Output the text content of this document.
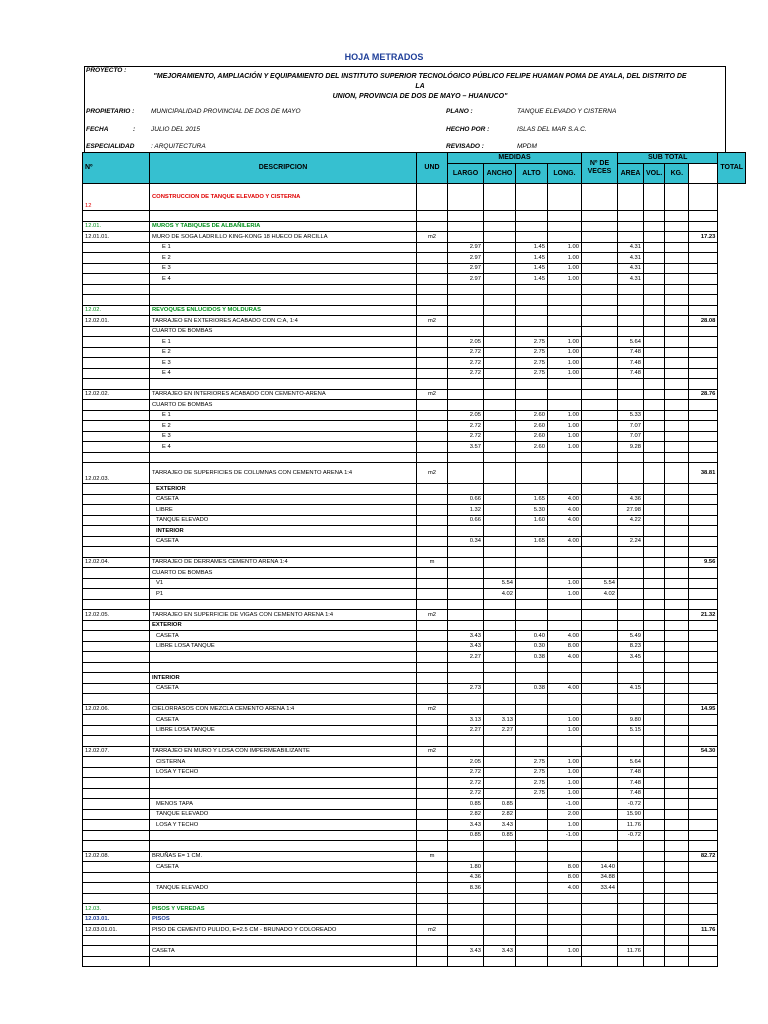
HOJA METRADOS
PROYECTO :
"MEJORAMIENTO, AMPLIACIÓN Y EQUIPAMIENTO DEL INSTITUTO SUPERIOR TECNOLÓGICO PÚBLICO FELIPE HUAMAN POMA DE AYALA, DEL DISTRITO DE LA
UNION, PROVINCIA DE DOS DE MAYO – HUANUCO"
PROPIETARIO :	MUNICIPALIDAD PROVINCIAL DE DOS DE MAYO	PLANO :	TANQUE ELEVADO Y CISTERNA
FECHA	: JULIO DEL 2015	HECHO POR :	ISLAS DEL MAR S.A.C.
ESPECIALIDAD	: ARQUITECTURA	REVISADO :	MPDM
Nº	DESCRIPCION	UND	MEDIDAS				Nº DE VECES	SUB TOTAL				TOTAL
			LARGO	ANCHO	ALTO	LONG.		AREA	VOL.	KG.		
12	CONSTRUCCION DE TANQUE ELEVADO Y CISTERNA											

12.01.	MUROS Y TABIQUES DE ALBAÑILERIA											
12.01.01.	MURO DE SOGA LADRILLO KING-KONG 18 HUECO DE ARCILLA	m2									17.23	
	E 1		2.97		1.45	1.00		4.31				
	E 2		2.97		1.45	1.00		4.31				
	E 3		2.97		1.45	1.00		4.31				
	E 4		2.97		1.45	1.00		4.31				

12.02.	REVOQUES ENLUCIDOS Y MOLDURAS											
12.02.01.	TARRAJEO EN EXTERIORES ACABADO CON C:A, 1:4	m2									28.08	
	CUARTO DE BOMBAS											
	E 1		2.05		2.75	1.00		5.64				
	E 2		2.72		2.75	1.00		7.48				
	E 3		2.72		2.75	1.00		7.48				
	E 4		2.72		2.75	1.00		7.48				

12.02.02.	TARRAJEO EN INTERIORES ACABADO CON CEMENTO-ARENA	m2									28.76	
	CUARTO DE BOMBAS											
	E 1		2.05		2.60	1.00		5.33				
	E 2		2.72		2.60	1.00		7.07				
	E 3		2.72		2.60	1.00		7.07				
	E 4		3.57		2.60	1.00		9.28				

12.02.03.	TARRAJEO DE SUPERFICIES DE COLUMNAS CON CEMENTO ARENA 1:4	m2									38.81	
	EXTERIOR											
	CASETA		0.66		1.65	4.00		4.36				
	LIBRE		1.32		5.30	4.00		27.98				
	TANQUE ELEVADO		0.66		1.60	4.00		4.22				
	INTERIOR											
	CASETA		0.34		1.65	4.00		2.24				

12.02.04.	TARRAJEO DE DERRAMES CEMENTO ARENA 1:4	m									9.56	
	CUARTO DE BOMBAS											
	V1			5.54		1.00	5.54					
	P1			4.02		1.00	4.02					

12.02.05.	TARRAJEO EN SUPERFICIE DE VIGAS CON CEMENTO ARENA 1:4	m2									21.32	
	EXTERIOR											
	CASETA		3.43		0.40	4.00		5.49				
	LIBRE LOSA TANQUE		3.43		0.30	8.00		8.23				
			2.27		0.38	4.00		3.45				

	INTERIOR											
	CASETA		2.73		0.38	4.00		4.15				

12.02.06.	CIELORRASOS CON MEZCLA CEMENTO ARENA 1:4	m2									14.95	
	CASETA		3.13	3.13		1.00		9.80				
	LIBRE LOSA TANQUE		2.27	2.27		1.00		5.15				

12.02.07.	TARRAJEO EN MURO Y LOSA CON IMPERMEABILIZANTE	m2									54.30	
	CISTERNA		2.05		2.75	1.00		5.64				
	LOSA Y TECHO		2.72		2.75	1.00		7.48				
			2.72		2.75	1.00		7.48				
			2.72		2.75	1.00		7.48				
	MENOS TAPA		0.85	0.85		-1.00		-0.72				
	TANQUE ELEVADO		2.82	2.82		2.00		15.90				
	LOSA Y TECHO		3.43	3.43		1.00		11.76				
			0.85	0.85		-1.00		-0.72				

12.02.08.	BRUÑAS E= 1 CM.	m									82.72	
	CASETA		1.80			8.00	14.40					
			4.36			8.00	34.88					
	TANQUE ELEVADO		8.36			4.00	33.44					

12.03.	PISOS Y VEREDAS											
12.03.01.	PISOS											
12.03.01.01.	PISO DE CEMENTO PULIDO, E=2.5 CM - BRUNADO Y COLOREADO	m2									11.76	

	CASETA		3.43	3.43		1.00		11.76				
